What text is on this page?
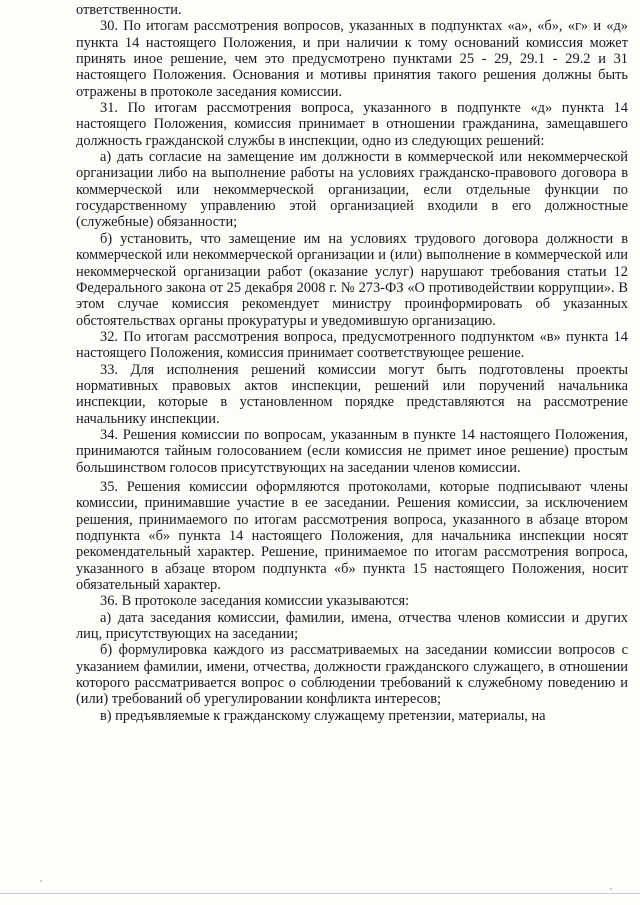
ответственности.

30. По итогам рассмотрения вопросов, указанных в подпунктах «а», «б», «г» и «д» пункта 14 настоящего Положения, и при наличии к тому оснований комиссия может принять иное решение, чем это предусмотрено пунктами 25 - 29, 29.1 - 29.2 и 31 настоящего Положения. Основания и мотивы принятия такого решения должны быть отражены в протоколе заседания комиссии.

31. По итогам рассмотрения вопроса, указанного в подпункте «д» пункта 14 настоящего Положения, комиссия принимает в отношении гражданина, замещавшего должность гражданской службы в инспекции, одно из следующих решений:

а) дать согласие на замещение им должности в коммерческой или некоммерческой организации либо на выполнение работы на условиях гражданско-правового договора в коммерческой или некоммерческой организации, если отдельные функции по государственному управлению этой организацией входили в его должностные (служебные) обязанности;

б) установить, что замещение им на условиях трудового договора должности в коммерческой или некоммерческой организации и (или) выполнение в коммерческой или некоммерческой организации работ (оказание услуг) нарушают требования статьи 12 Федерального закона от 25 декабря 2008 г. № 273-ФЗ «О противодействии коррупции». В этом случае комиссия рекомендует министру проинформировать об указанных обстоятельствах органы прокуратуры и уведомившую организацию.

32. По итогам рассмотрения вопроса, предусмотренного подпунктом «в» пункта 14 настоящего Положения, комиссия принимает соответствующее решение.

33. Для исполнения решений комиссии могут быть подготовлены проекты нормативных правовых актов инспекции, решений или поручений начальника инспекции, которые в установленном порядке представляются на рассмотрение начальнику инспекции.

34. Решения комиссии по вопросам, указанным в пункте 14 настоящего Положения, принимаются тайным голосованием (если комиссия не примет иное решение) простым большинством голосов присутствующих на заседании членов комиссии.

35. Решения комиссии оформляются протоколами, которые подписывают члены комиссии, принимавшие участие в ее заседании. Решения комиссии, за исключением решения, принимаемого по итогам рассмотрения вопроса, указанного в абзаце втором подпункта «б» пункта 14 настоящего Положения, для начальника инспекции носят рекомендательный характер. Решение, принимаемое по итогам рассмотрения вопроса, указанного в абзаце втором подпункта «б» пункта 15 настоящего Положения, носит обязательный характер.

36. В протоколе заседания комиссии указываются:

а) дата заседания комиссии, фамилии, имена, отчества членов комиссии и других лиц, присутствующих на заседании;

б) формулировка каждого из рассматриваемых на заседании комиссии вопросов с указанием фамилии, имени, отчества, должности гражданского служащего, в отношении которого рассматривается вопрос о соблюдении требований к служебному поведению и (или) требований об урегулировании конфликта интересов;

в) предъявляемые к гражданскому служащему претензии, материалы, на
